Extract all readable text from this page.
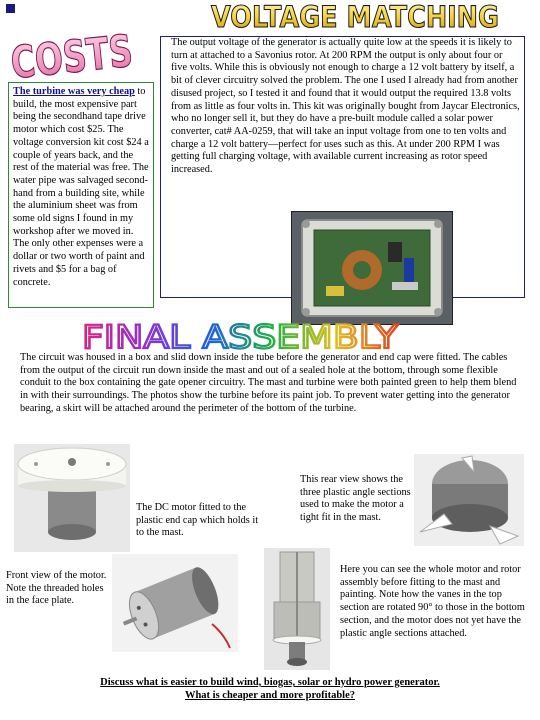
VOLTAGE MATCHING
COSTS
The turbine was very cheap to build, the most expensive part being the secondhand tape drive motor which cost $25. The voltage conversion kit cost $24 a couple of years back, and the rest of the material was free. The water pipe was salvaged second-hand from a building site, while the aluminium sheet was from some old signs I found in my workshop after we moved in. The only other expenses were a dollar or two worth of paint and rivets and $5 for a bag of concrete.
The output voltage of the generator is actually quite low at the speeds it is likely to turn at attached to a Savonius rotor. At 200 RPM the output is only about four or five volts. While this is obviously not enough to charge a 12 volt battery by itself, a bit of clever circuitry solved the problem. The one I used I already had from another disused project, so I tested it and found that it would output the required 13.8 volts from as little as four volts in. This kit was originally bought from Jaycar Electronics, who no longer sell it, but they do have a pre-built module called a solar power converter, cat# AA-0259, that will take an input voltage from one to ten volts and charge a 12 volt battery—perfect for uses such as this. At under 200 RPM I was getting full charging voltage, with available current increasing as rotor speed increased.
FINAL ASSEMBLY
The circuit was housed in a box and slid down inside the tube before the generator and end cap were fitted. The cables from the output of the circuit run down inside the mast and out of a sealed hole at the bottom, through some flexible conduit to the box containing the gate opener circuitry. The mast and turbine were both painted green to help them blend in with their surroundings. The photos show the turbine before its paint job. To prevent water getting into the generator bearing, a skirt will be attached around the perimeter of the bottom of the turbine.
The DC motor fitted to the plastic end cap which holds it to the mast.
This rear view shows the three plastic angle sections used to make the motor a tight fit in the mast.
Front view of the motor. Note the threaded holes in the face plate.
Here you can see the whole motor and rotor assembly before fitting to the mast and painting. Note how the vanes in the top section are rotated 90° to those in the bottom section, and the motor does not yet have the plastic angle sections attached.
Discuss what is easier to build wind, biogas, solar or hydro power generator.
What is cheaper and more profitable?
